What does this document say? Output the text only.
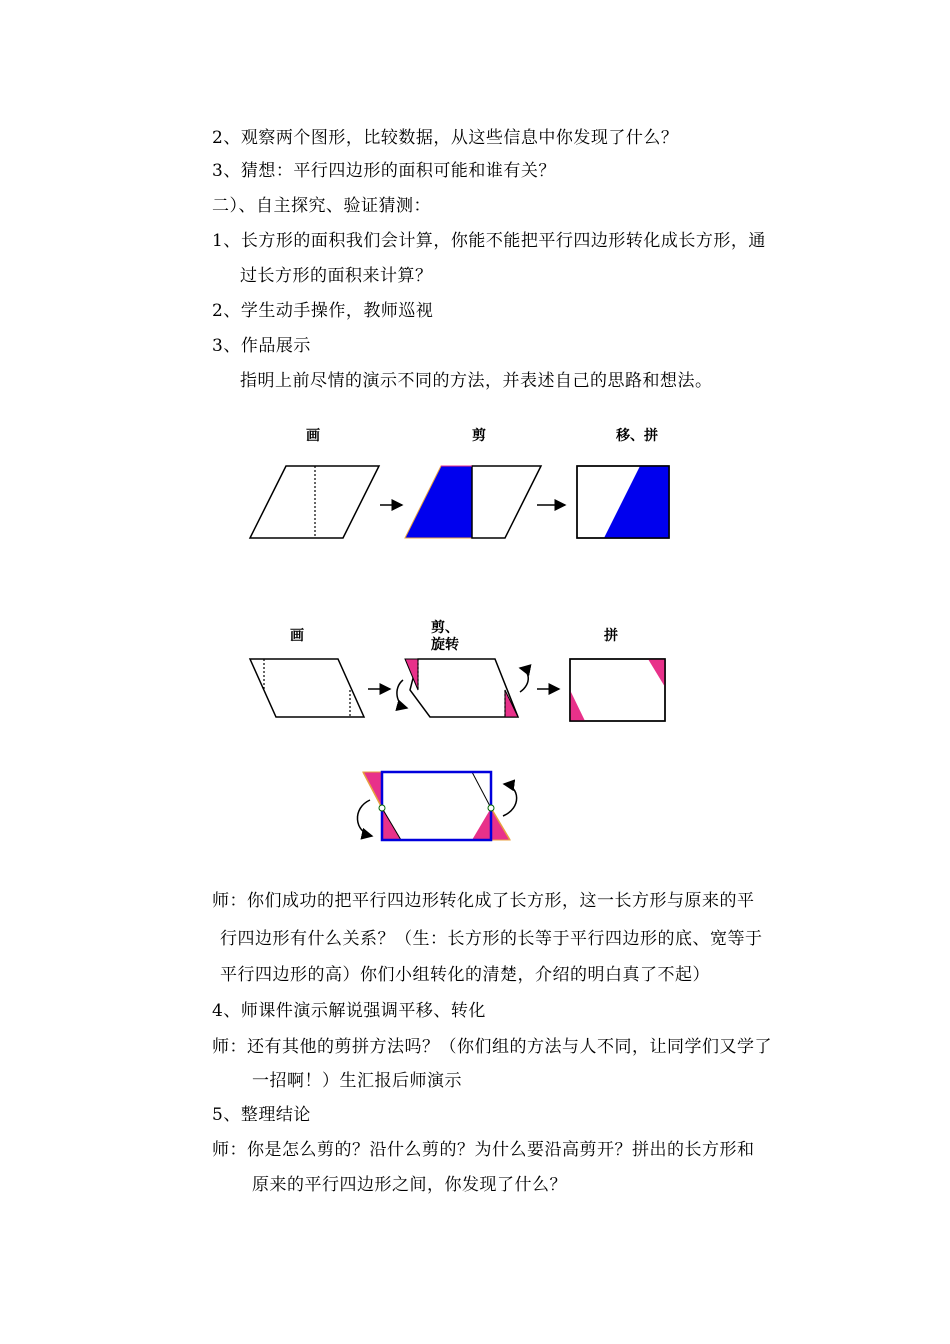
2、观察两个图形，比较数据，从这些信息中你发现了什么？
3、猜想：平行四边形的面积可能和谁有关？
二）、自主探究、验证猜测：
1、长方形的面积我们会计算，你能不能把平行四边形转化成长方形，通
过长方形的面积来计算？
2、学生动手操作，教师巡视
3、作品展示
指明上前尽情的演示不同的方法，并表述自己的思路和想法。
师：你们成功的把平行四边形转化成了长方形，这一长方形与原来的平
行四边形有什么关系？（生：长方形的长等于平行四边形的底、宽等于
平行四边形的高）你们小组转化的清楚，介绍的明白真了不起）
4、师课件演示解说强调平移、转化
师：还有其他的剪拼方法吗？（你们组的方法与人不同，让同学们又学了
一招啊！）生汇报后师演示
5、整理结论
师：你是怎么剪的？沿什么剪的？为什么要沿高剪开？拼出的长方形和
原来的平行四边形之间，你发现了什么？
画	剪	移、拼
画	剪、
旋转
拼
